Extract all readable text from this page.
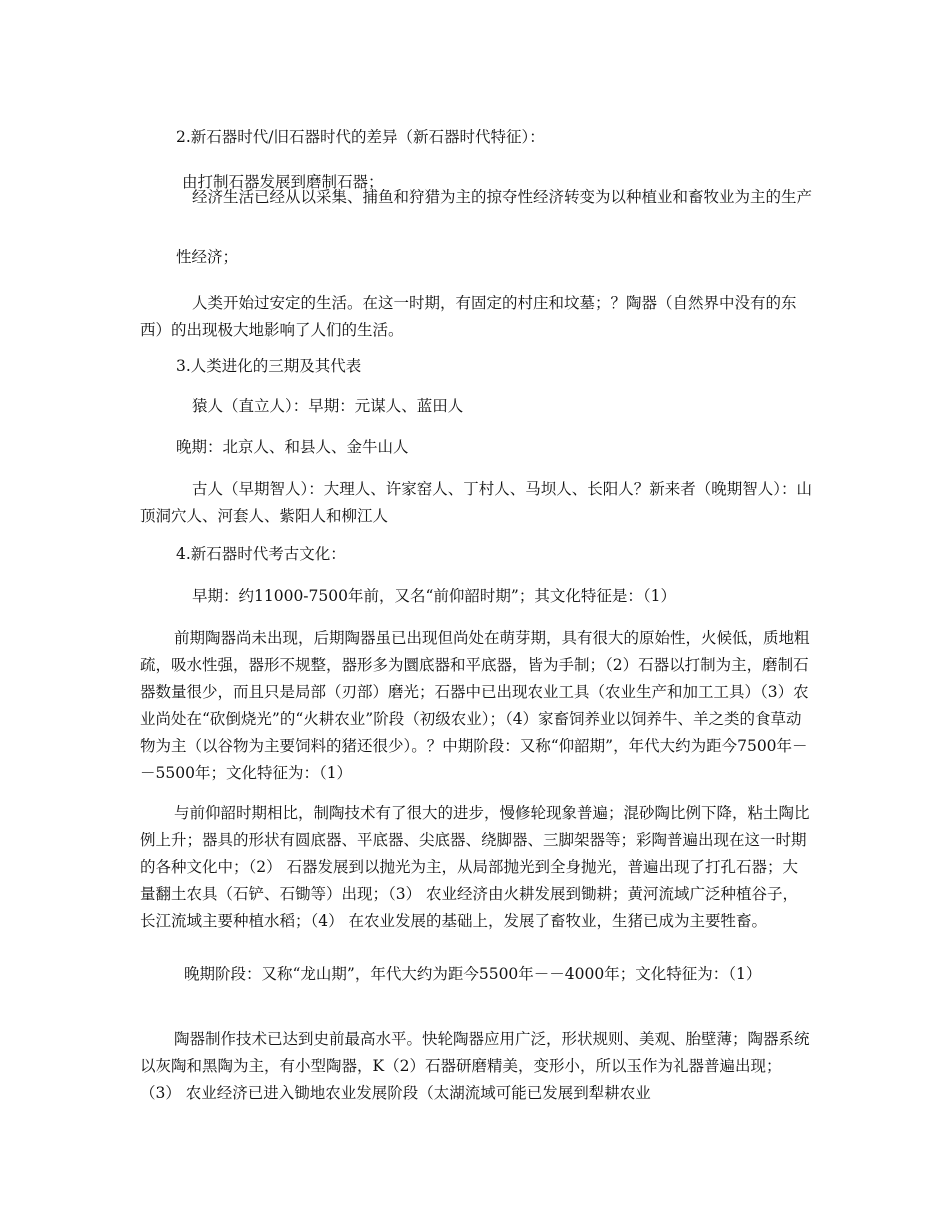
2.新石器时代/旧石器时代的差异（新石器时代特征）：

由打制石器发展到磨制石器；

经济生活已经从以采集、捕鱼和狩猎为主的掠夺性经济转变为以种植业和畜牧业为主的生产

性经济；

人类开始过安定的生活。在这一时期，有固定的村庄和坟墓；？陶器（自然界中没有的东西）的出现极大地影响了人们的生活。

3.人类进化的三期及其代表

猿人（直立人）：早期：元谋人、蓝田人

晚期：北京人、和县人、金牛山人

古人（早期智人）：大理人、许家窑人、丁村人、马坝人、长阳人？新来者（晚期智人）：山顶洞穴人、河套人、紫阳人和柳江人

4.新石器时代考古文化：

早期：约11000-7500年前，又名“前仰韶时期”；其文化特征是：（1）

前期陶器尚未出现，后期陶器虽已出现但尚处在萌芽期，具有很大的原始性，火候低，质地粗疏，吸水性强，器形不规整，器形多为圜底器和平底器，皆为手制；（2）石器以打制为主，磨制石器数量很少，而且只是局部（刃部）磨光；石器中已出现农业工具（农业生产和加工工具）（3）农业尚处在“砍倒烧光”的“火耕农业”阶段（初级农业）；（4）家畜饲养业以饲养牛、羊之类的食草动物为主（以谷物为主要饲料的猪还很少）。？中期阶段：又称“仰韶期”，年代大约为距今7500年－－5500年；文化特征为：（1）

与前仰韶时期相比，制陶技术有了很大的进步，慢修轮现象普遍；混砂陶比例下降，粘土陶比例上升；器具的形状有圆底器、平底器、尖底器、绕脚器、三脚架器等；彩陶普遍出现在这一时期的各种文化中；（2） 石器发展到以抛光为主，从局部抛光到全身抛光，普遍出现了打孔石器；大量翻土农具（石铲、石锄等）出现；（3） 农业经济由火耕发展到锄耕；黄河流域广泛种植谷子，长江流域主要种植水稻；（4） 在农业发展的基础上，发展了畜牧业，生猪已成为主要牲畜。

晚期阶段：又称“龙山期”，年代大约为距今5500年－－4000年；文化特征为：（1）

陶器制作技术已达到史前最高水平。快轮陶器应用广泛，形状规则、美观、胎壁薄；陶器系统以灰陶和黑陶为主，有小型陶器，K（2）石器研磨精美，变形小，所以玉作为礼器普遍出现；（3） 农业经济已进入锄地农业发展阶段（太湖流域可能已发展到犁耕农业
